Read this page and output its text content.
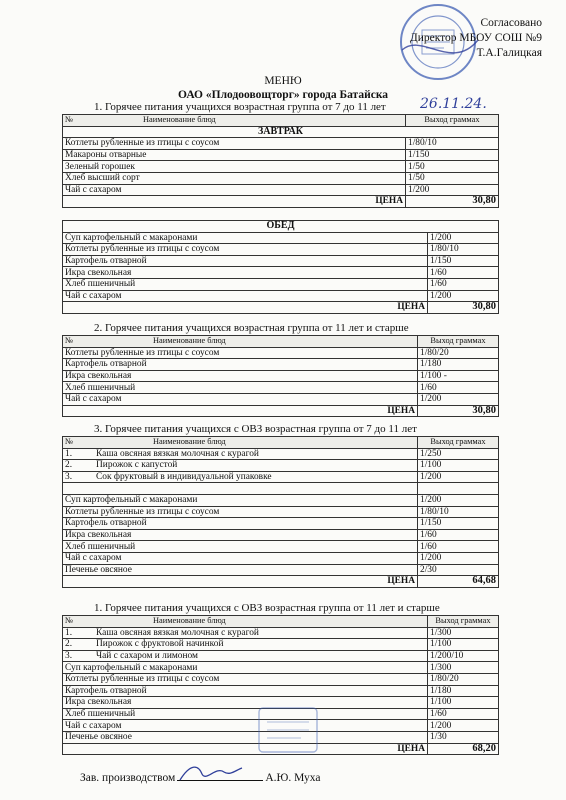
Согласовано
Директор МБОУ СОШ №9
Т.А.Галицкая
26.11.24.
МЕНЮ
ОАО «Плодоовощторг» города Батайска
1. Горячее питания учащихся возрастная группа от 7 до 11 лет
№ Наименование блюд	Выход граммах
ЗАВТРАК	
Котлеты рубленные из птицы с соусом	1/80/10
Макароны отварные	1/150
Зеленый горошек	1/50
Хлеб высший сорт	1/50
Чай с сахаром	1/200
ЦЕНА	30,80
ОБЕД	
Суп картофельный с макаронами	1/200
Котлеты рубленные из птицы с соусом	1/80/10
Картофель отварной	1/150
Икра свекольная	1/60
Хлеб пшеничный	1/60
Чай с сахаром	1/200
ЦЕНА	30,80
2. Горячее питания учащихся возрастная группа от 11 лет и старше
№ Наименование блюд	Выход граммах
Котлеты рубленные из птицы с соусом	1/80/20
Картофель отварной	1/180
Икра свекольная	1/100 -
Хлеб пшеничный	1/60
Чай с сахаром	1/200
ЦЕНА	30,80
3. Горячее питания учащихся с ОВЗ возрастная группа от 7 до 11 лет
№ Наименование блюд	Выход граммах
1. Каша овсяная вязкая молочная с курагой	1/250
2. Пирожок с капустой	1/100
3. Сок фруктовый в индивидуальной упаковке	1/200

Суп картофельный с макаронами	1/200
Котлеты рубленные из птицы с соусом	1/80/10
Картофель отварной	1/150
Икра свекольная	1/60
Хлеб пшеничный	1/60
Чай с сахаром	1/200
Печенье овсяное	2/30
ЦЕНА	64,68
1. Горячее питания учащихся с ОВЗ возрастная группа от 11 лет и старше
№ Наименование блюд	Выход граммах
1. Каша овсяная вязкая молочная с курагой	1/300
2. Пирожок с фруктовой начинкой	1/100
3. Чай с сахаром и лимоном	1/200/10
Суп картофельный с макаронами	1/300
Котлеты рубленные из птицы с соусом	1/80/20
Картофель отварной	1/180
Икра свекольная	1/100
Хлеб пшеничный	1/60
Чай с сахаром	1/200
Печенье овсяное	1/30
ЦЕНА	68,20
Зав. производством	А.Ю. Муха
